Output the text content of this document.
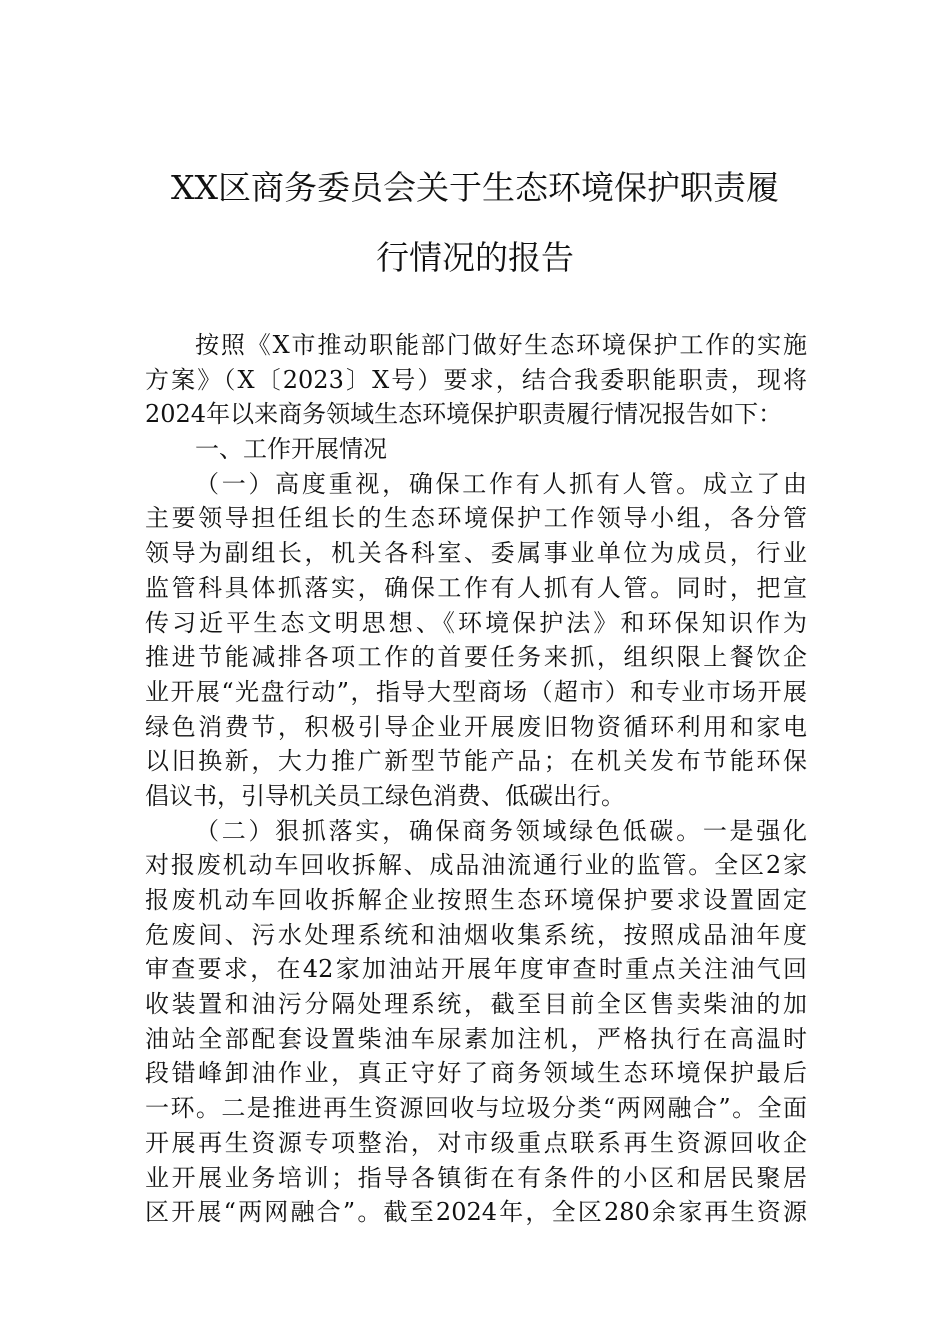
XX区商务委员会关于生态环境保护职责履
行情况的报告
按照《X市推动职能部门做好生态环境保护工作的实施
方案》（X〔2023〕X号）要求，结合我委职能职责，现将
2024年以来商务领域生态环境保护职责履行情况报告如下：
一、工作开展情况
（一）高度重视，确保工作有人抓有人管。成立了由
主要领导担任组长的生态环境保护工作领导小组，各分管
领导为副组长，机关各科室、委属事业单位为成员，行业
监管科具体抓落实，确保工作有人抓有人管。同时，把宣
传习近平生态文明思想、《环境保护法》和环保知识作为
推进节能减排各项工作的首要任务来抓，组织限上餐饮企
业开展“光盘行动”，指导大型商场（超市）和专业市场开展
绿色消费节，积极引导企业开展废旧物资循环利用和家电
以旧换新，大力推广新型节能产品；在机关发布节能环保
倡议书，引导机关员工绿色消费、低碳出行。
（二）狠抓落实，确保商务领域绿色低碳。一是强化
对报废机动车回收拆解、成品油流通行业的监管。全区2家
报废机动车回收拆解企业按照生态环境保护要求设置固定
危废间、污水处理系统和油烟收集系统，按照成品油年度
审查要求，在42家加油站开展年度审查时重点关注油气回
收装置和油污分隔处理系统，截至目前全区售卖柴油的加
油站全部配套设置柴油车尿素加注机，严格执行在高温时
段错峰卸油作业，真正守好了商务领域生态环境保护最后
一环。二是推进再生资源回收与垃圾分类“两网融合”。全面
开展再生资源专项整治，对市级重点联系再生资源回收企
业开展业务培训；指导各镇街在有条件的小区和居民聚居
区开展“两网融合”。截至2024年，全区280余家再生资源
